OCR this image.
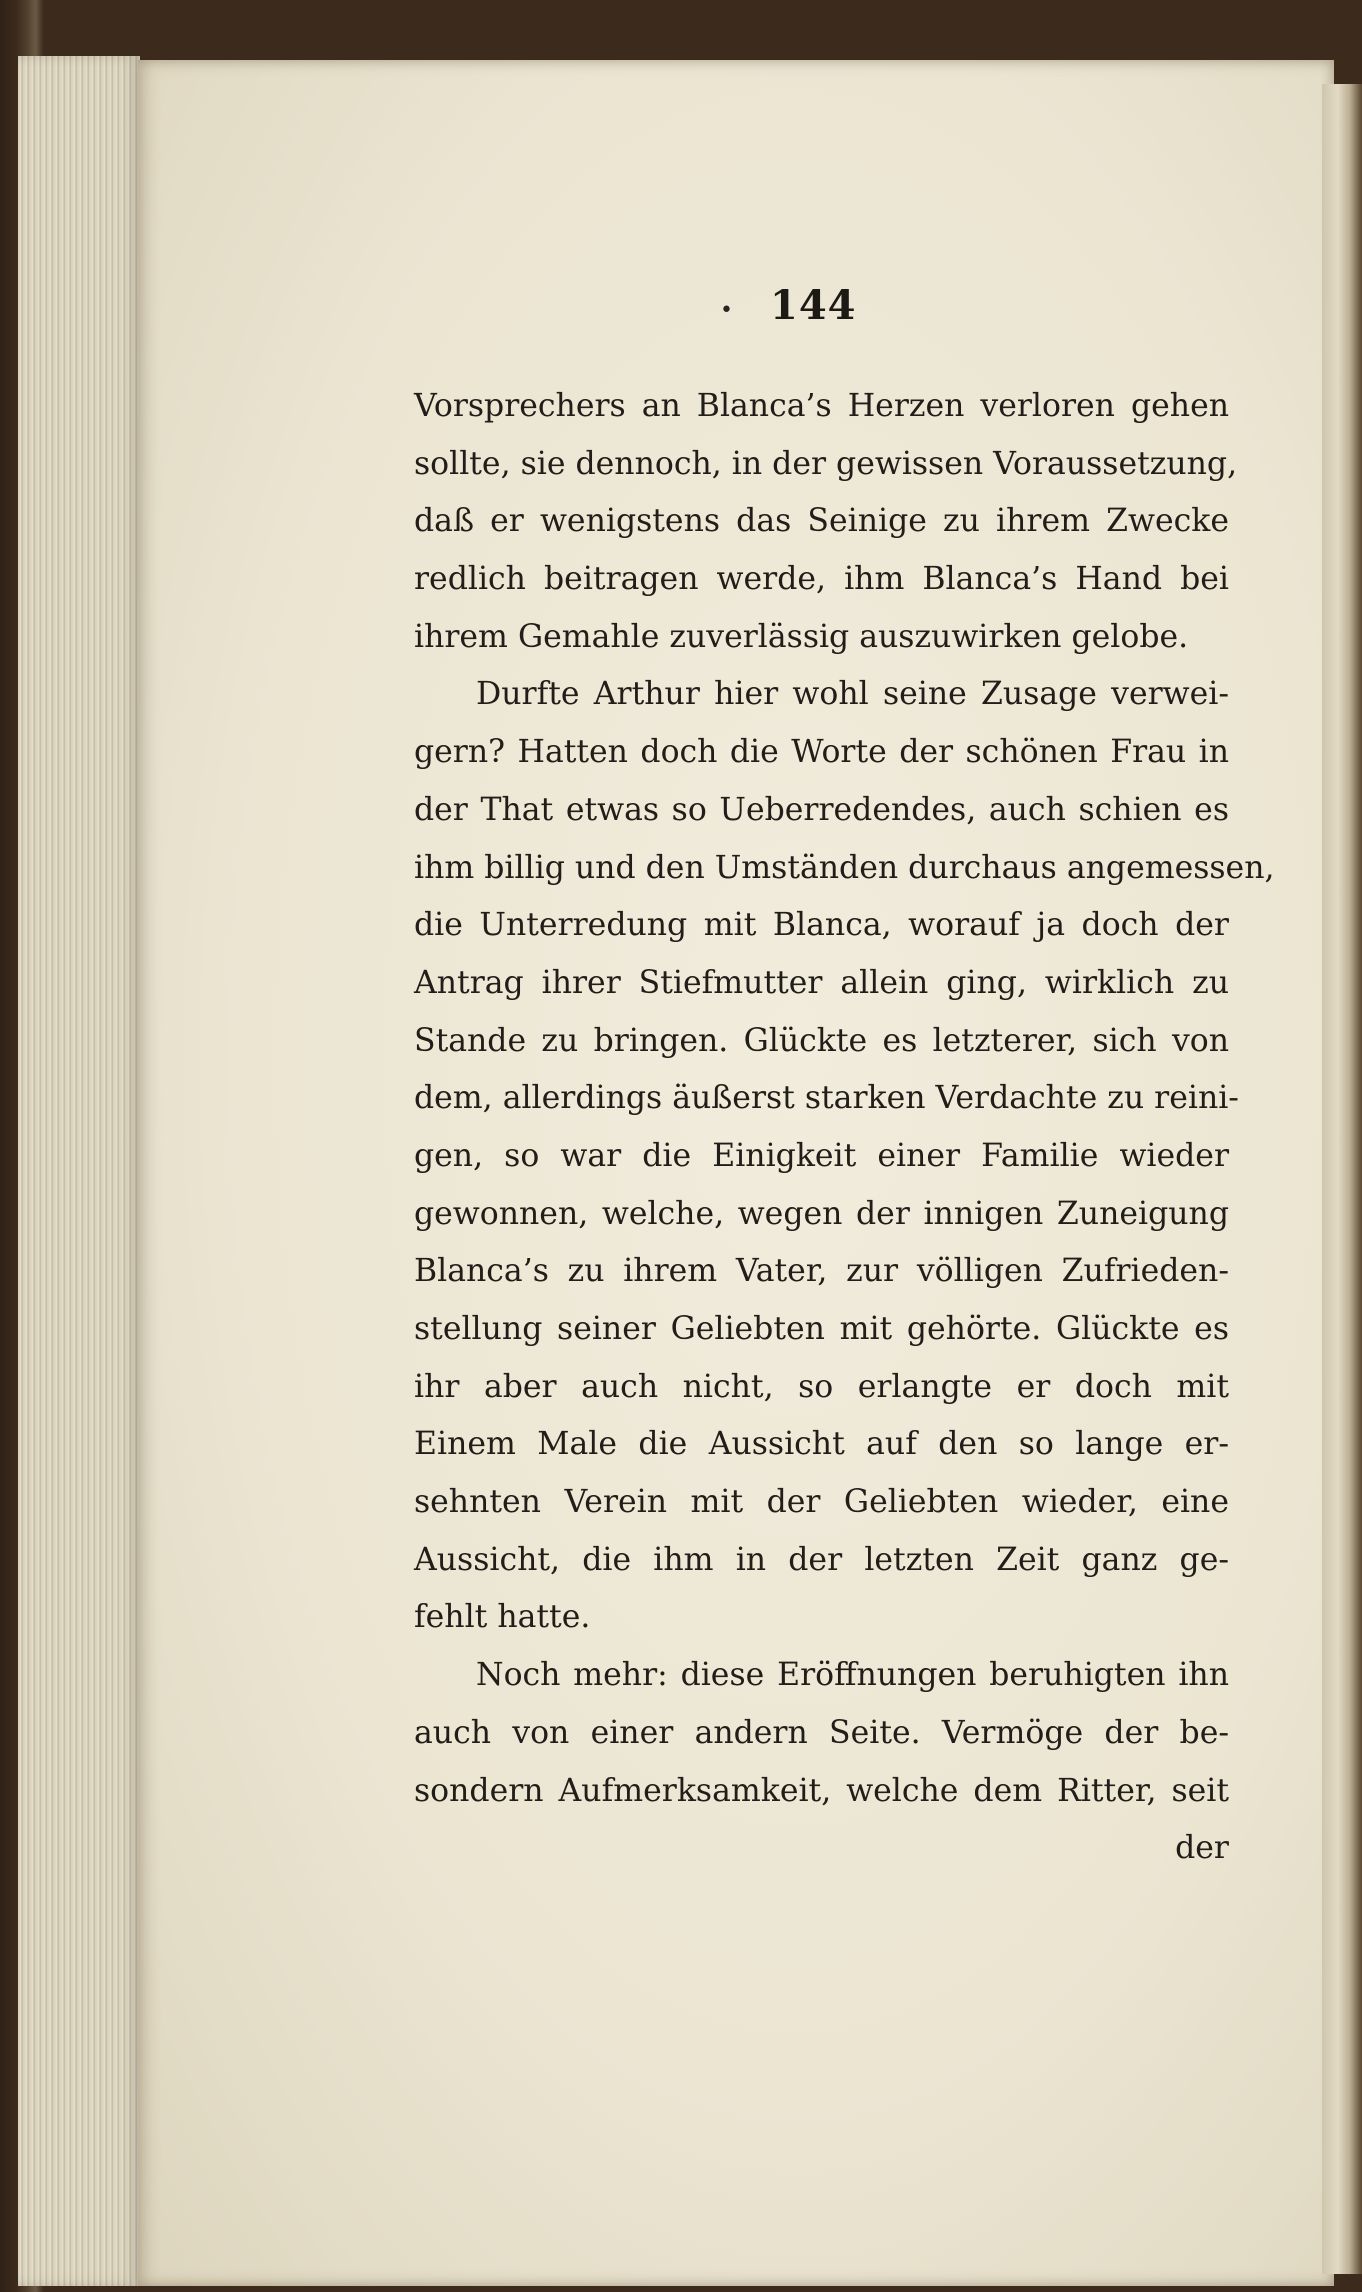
• 144
Vorsprechers an Blanca’s Herzen verloren gehen
sollte, sie dennoch, in der gewissen Voraussetzung,
daß er wenigstens das Seinige zu ihrem Zwecke
redlich beitragen werde, ihm Blanca’s Hand bei
ihrem Gemahle zuverlässig auszuwirken gelobe.
Durfte Arthur hier wohl seine Zusage verwei-
gern? Hatten doch die Worte der schönen Frau in
der That etwas so Ueberredendes, auch schien es
ihm billig und den Umständen durchaus angemessen,
die Unterredung mit Blanca, worauf ja doch der
Antrag ihrer Stiefmutter allein ging, wirklich zu
Stande zu bringen. Glückte es letzterer, sich von
dem, allerdings äußerst starken Verdachte zu reini-
gen, so war die Einigkeit einer Familie wieder
gewonnen, welche, wegen der innigen Zuneigung
Blanca’s zu ihrem Vater, zur völligen Zufrieden-
stellung seiner Geliebten mit gehörte. Glückte es
ihr aber auch nicht, so erlangte er doch mit
Einem Male die Aussicht auf den so lange er-
sehnten Verein mit der Geliebten wieder, eine
Aussicht, die ihm in der letzten Zeit ganz ge-
fehlt hatte.
Noch mehr: diese Eröffnungen beruhigten ihn
auch von einer andern Seite. Vermöge der be-
sondern Aufmerksamkeit, welche dem Ritter, seit
der
